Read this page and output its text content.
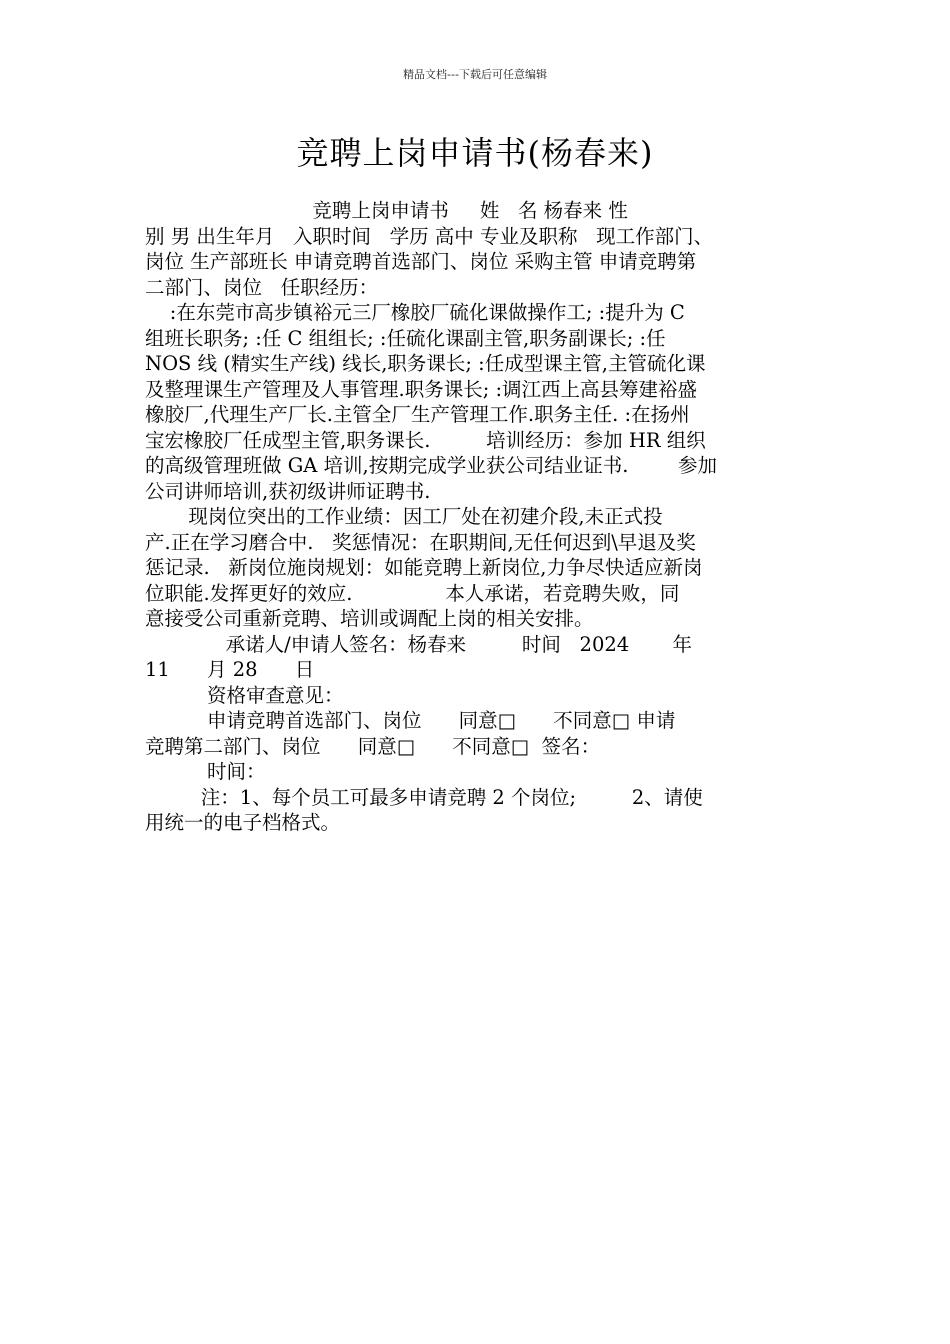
精品文档---下载后可任意编辑
竞聘上岗申请书(杨春来)
竞聘上岗申请书     姓   名 杨春来 性
别 男 出生年月   入职时间   学历 高中 专业及职称   现工作部门、
岗位 生产部班长 申请竞聘首选部门、岗位 采购主管 申请竞聘第
二部门、岗位   任职经历：
:在东莞市高步镇裕元三厂橡胶厂硫化课做操作工; :提升为 C
组班长职务; :任 C 组组长; :任硫化课副主管,职务副课长; :任
NOS 线 (精实生产线) 线长,职务课长; :任成型课主管,主管硫化课
及整理课生产管理及人事管理.职务课长; :调江西上高县筹建裕盛
橡胶厂,代理生产厂长.主管全厂生产管理工作.职务主任. :在扬州
宝宏橡胶厂任成型主管,职务课长.         培训经历：参加 HR 组织
的高级管理班做 GA 培训,按期完成学业获公司结业证书.        参加
公司讲师培训,获初级讲师证聘书.
现岗位突出的工作业绩：因工厂处在初建介段,未正式投
产.正在学习磨合中.   奖惩情况：在职期间,无任何迟到\早退及奖
惩记录.   新岗位施岗规划：如能竞聘上新岗位,力争尽快适应新岗
位职能.发挥更好的效应.               本人承诺，若竞聘失败，同
意接受公司重新竞聘、培训或调配上岗的相关安排。
承诺人/申请人签名：杨春来         时间   2024       年
11      月 28      日
资格审查意见：
申请竞聘首选部门、岗位      同意□      不同意□ 申请
竞聘第二部门、岗位      同意□      不同意□  签名：
时间：
注：1、每个员工可最多申请竞聘 2 个岗位;         2、请使
用统一的电子档格式。
